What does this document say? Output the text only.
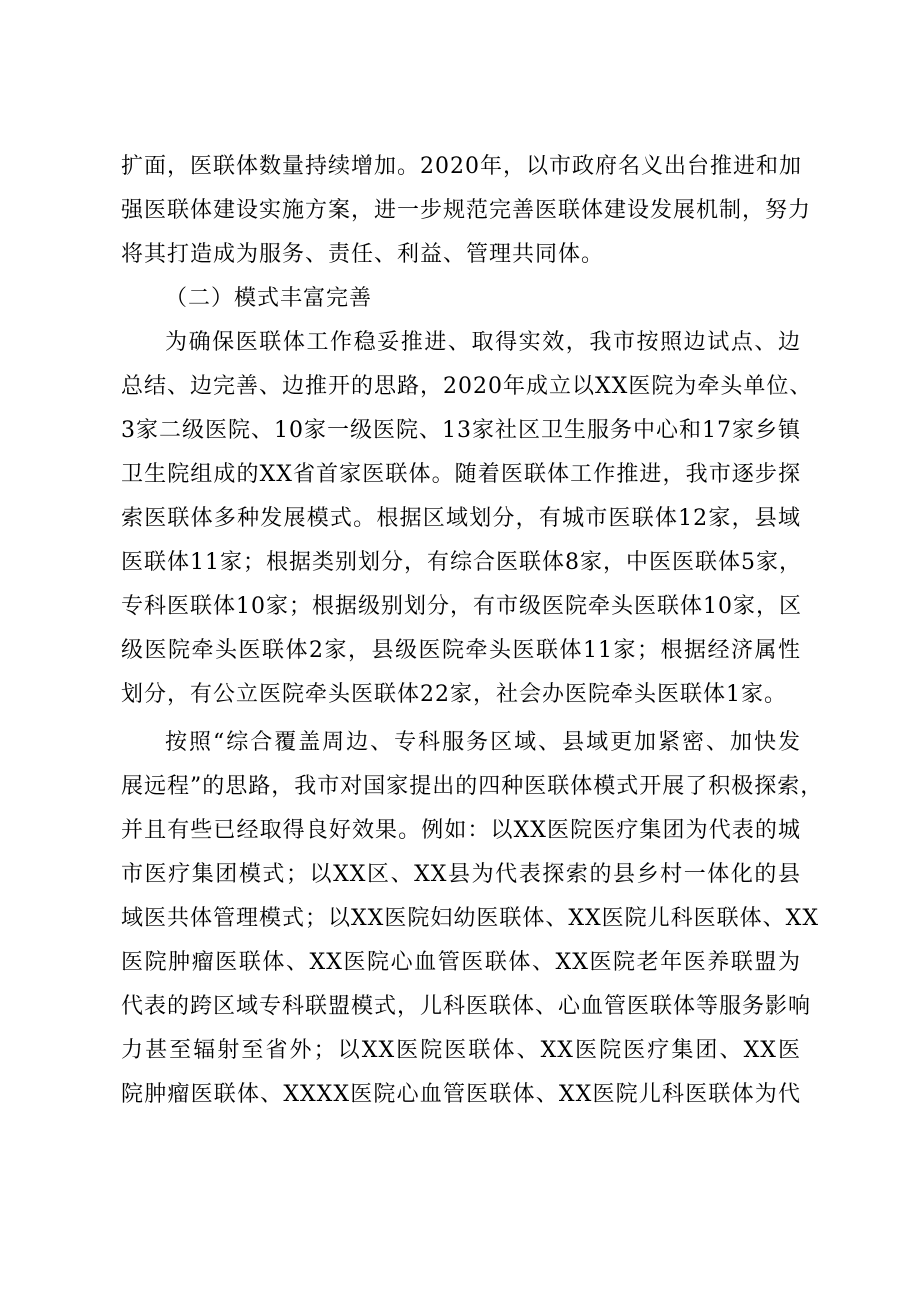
扩面，医联体数量持续增加。2020年，以市政府名义出台推进和加

强医联体建设实施方案，进一步规范完善医联体建设发展机制，努力

将其打造成为服务、责任、利益、管理共同体。

（二）模式丰富完善

为确保医联体工作稳妥推进、取得实效，我市按照边试点、边

总结、边完善、边推开的思路，2020年成立以XX医院为牵头单位、

3家二级医院、10家一级医院、13家社区卫生服务中心和17家乡镇

卫生院组成的XX省首家医联体。随着医联体工作推进，我市逐步探

索医联体多种发展模式。根据区域划分，有城市医联体12家，县域

医联体11家；根据类别划分，有综合医联体8家，中医医联体5家，

专科医联体10家；根据级别划分，有市级医院牵头医联体10家，区

级医院牵头医联体2家，县级医院牵头医联体11家；根据经济属性

划分，有公立医院牵头医联体22家，社会办医院牵头医联体1家。

按照“综合覆盖周边、专科服务区域、县域更加紧密、加快发

展远程”的思路，我市对国家提出的四种医联体模式开展了积极探索，

并且有些已经取得良好效果。例如：以XX医院医疗集团为代表的城

市医疗集团模式；以XX区、XX县为代表探索的县乡村一体化的县

域医共体管理模式；以XX医院妇幼医联体、XX医院儿科医联体、XX

医院肿瘤医联体、XX医院心血管医联体、XX医院老年医养联盟为

代表的跨区域专科联盟模式，儿科医联体、心血管医联体等服务影响

力甚至辐射至省外；以XX医院医联体、XX医院医疗集团、XX医

院肿瘤医联体、XXXX医院心血管医联体、XX医院儿科医联体为代
